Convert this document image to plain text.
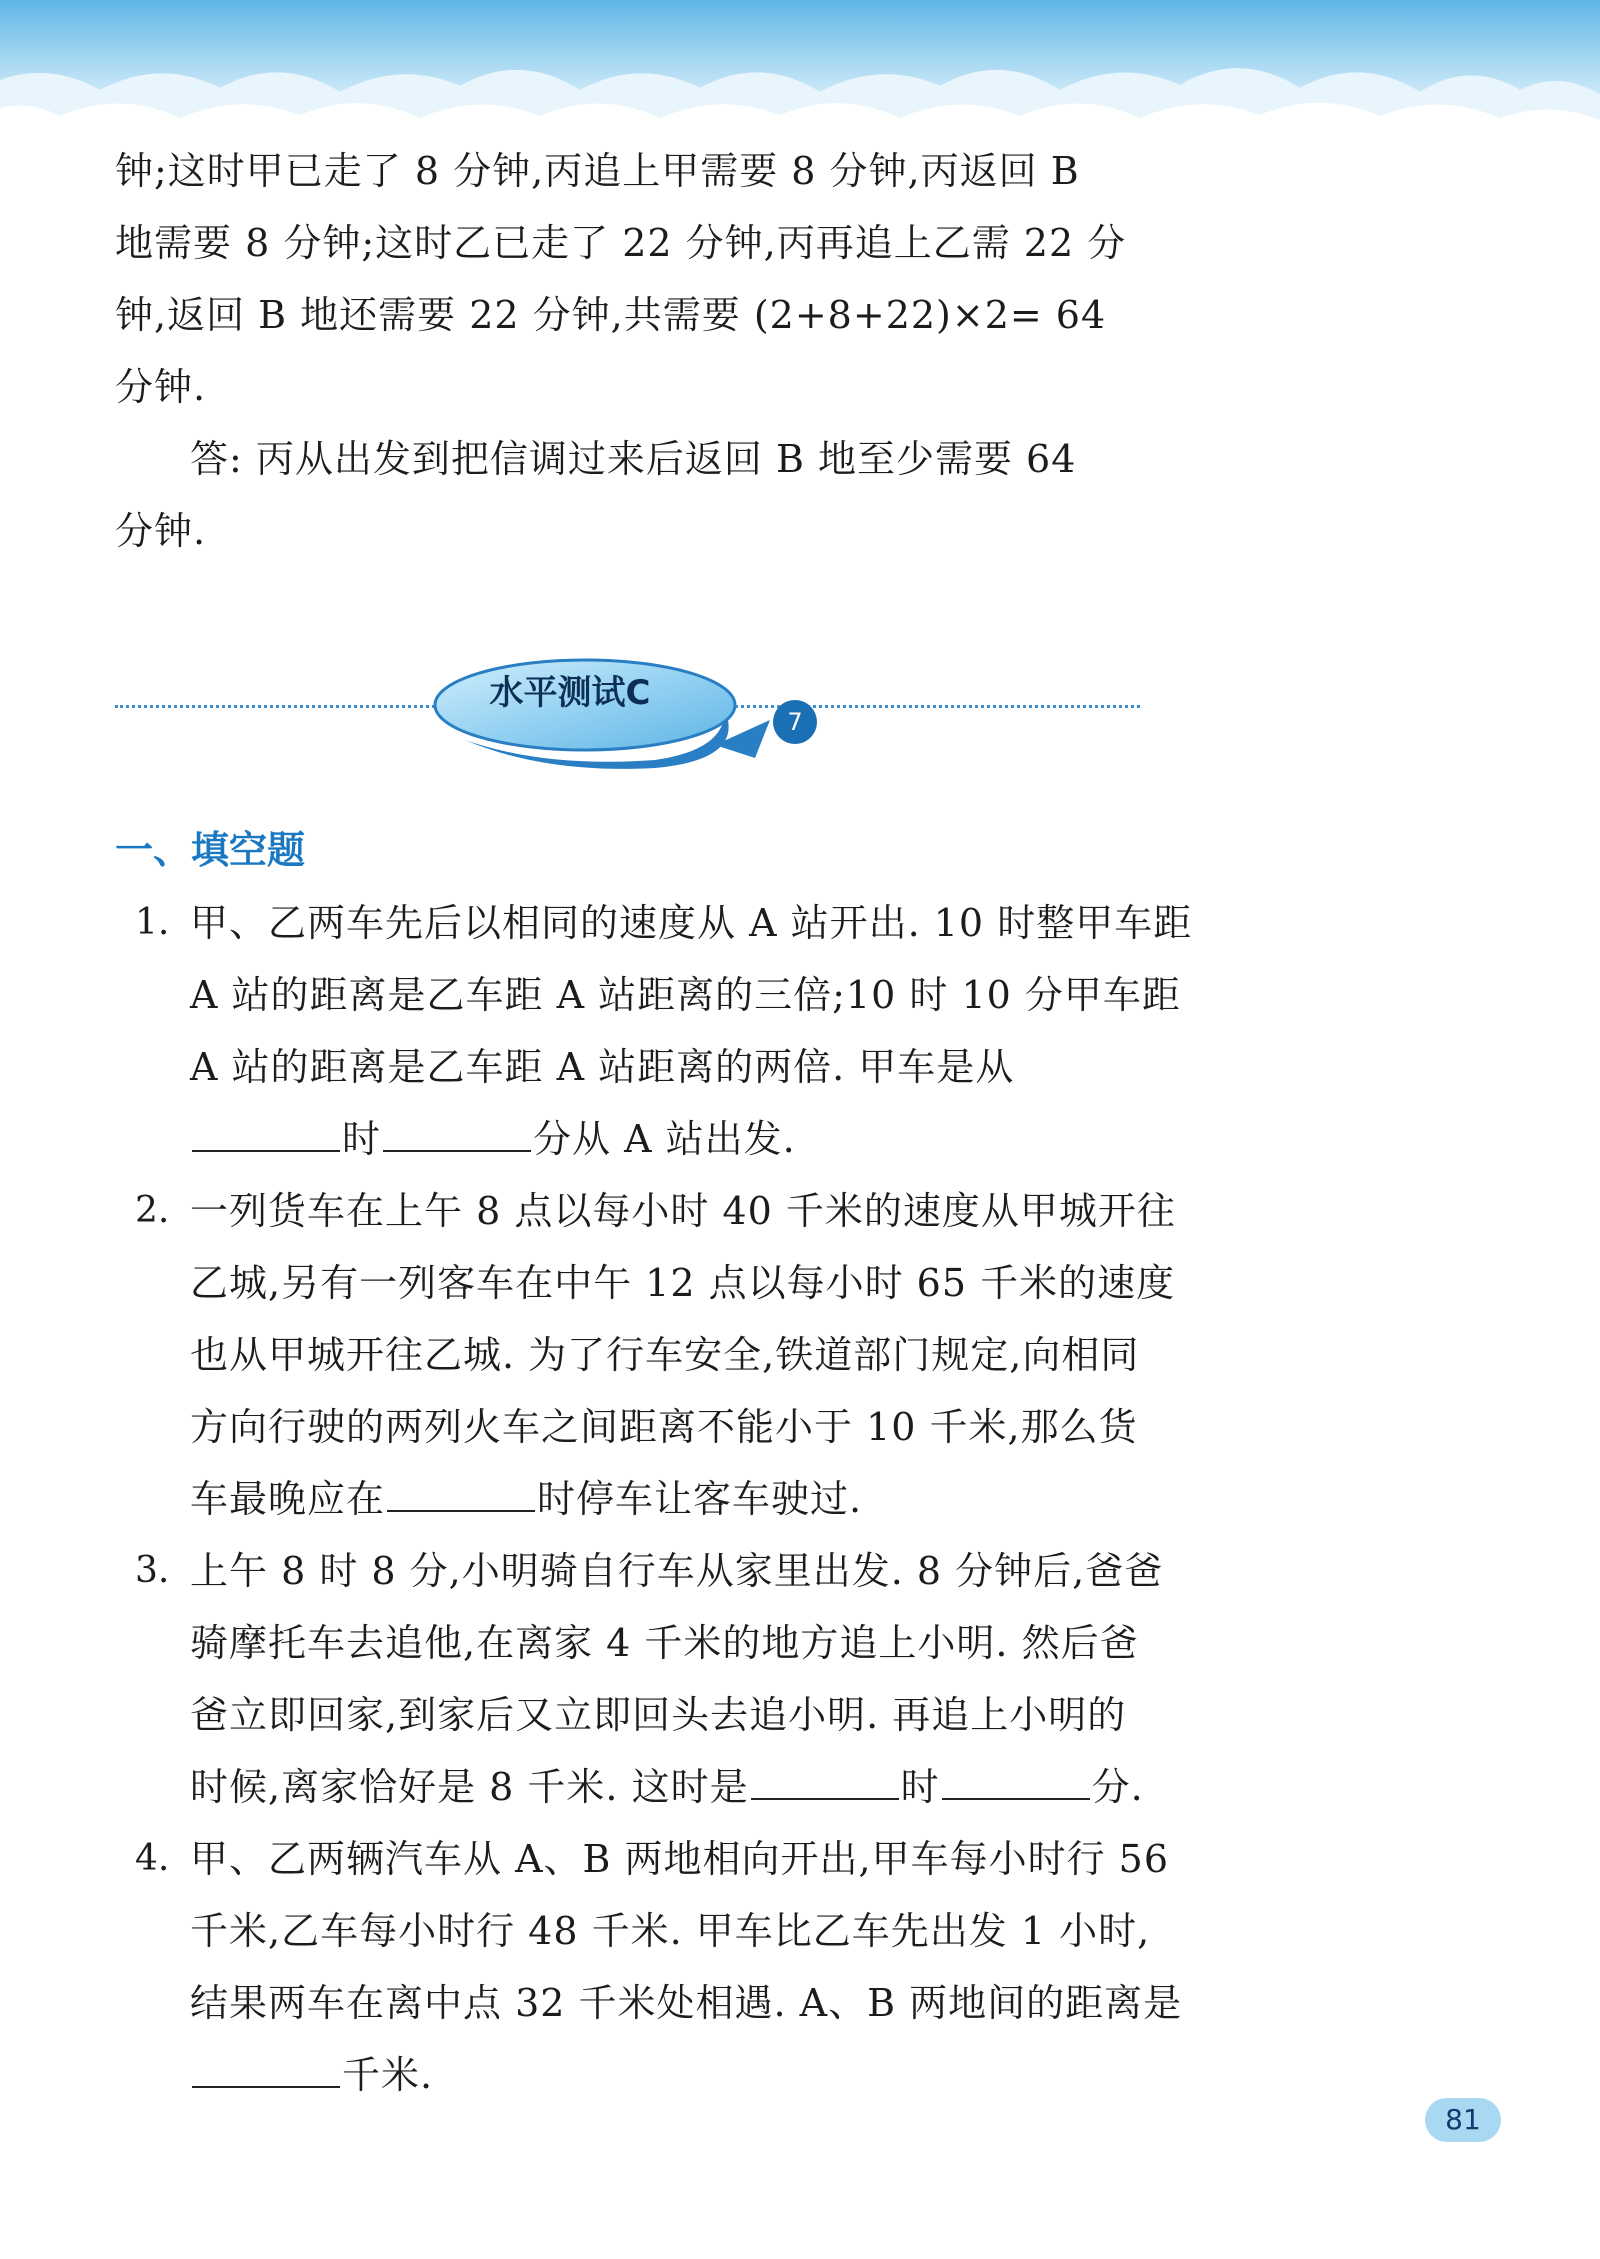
钟;这时甲已走了 8 分钟,丙追上甲需要 8 分钟,丙返回 B
地需要 8 分钟;这时乙已走了 22 分钟,丙再追上乙需 22 分
钟,返回 B 地还需要 22 分钟,共需要 (2+8+22)×2= 64
分钟.
答: 丙从出发到把信调过来后返回 B 地至少需要 64
分钟.
水平测试C
7
一、填空题
1. 甲、乙两车先后以相同的速度从 A 站开出. 10 时整甲车距
A 站的距离是乙车距 A 站距离的三倍;10 时 10 分甲车距
A 站的距离是乙车距 A 站距离的两倍. 甲车是从
时	分从 A 站出发.
2. 一列货车在上午 8 点以每小时 40 千米的速度从甲城开往
乙城,另有一列客车在中午 12 点以每小时 65 千米的速度
也从甲城开往乙城. 为了行车安全,铁道部门规定,向相同
方向行驶的两列火车之间距离不能小于 10 千米,那么货
车最晚应在	时停车让客车驶过.
3. 上午 8 时 8 分,小明骑自行车从家里出发. 8 分钟后,爸爸
骑摩托车去追他,在离家 4 千米的地方追上小明. 然后爸
爸立即回家,到家后又立即回头去追小明. 再追上小明的
时候,离家恰好是 8 千米. 这时是	时	分.
4. 甲、乙两辆汽车从 A、B 两地相向开出,甲车每小时行 56
千米,乙车每小时行 48 千米. 甲车比乙车先出发 1 小时,
结果两车在离中点 32 千米处相遇. A、B 两地间的距离是
千米.
81
